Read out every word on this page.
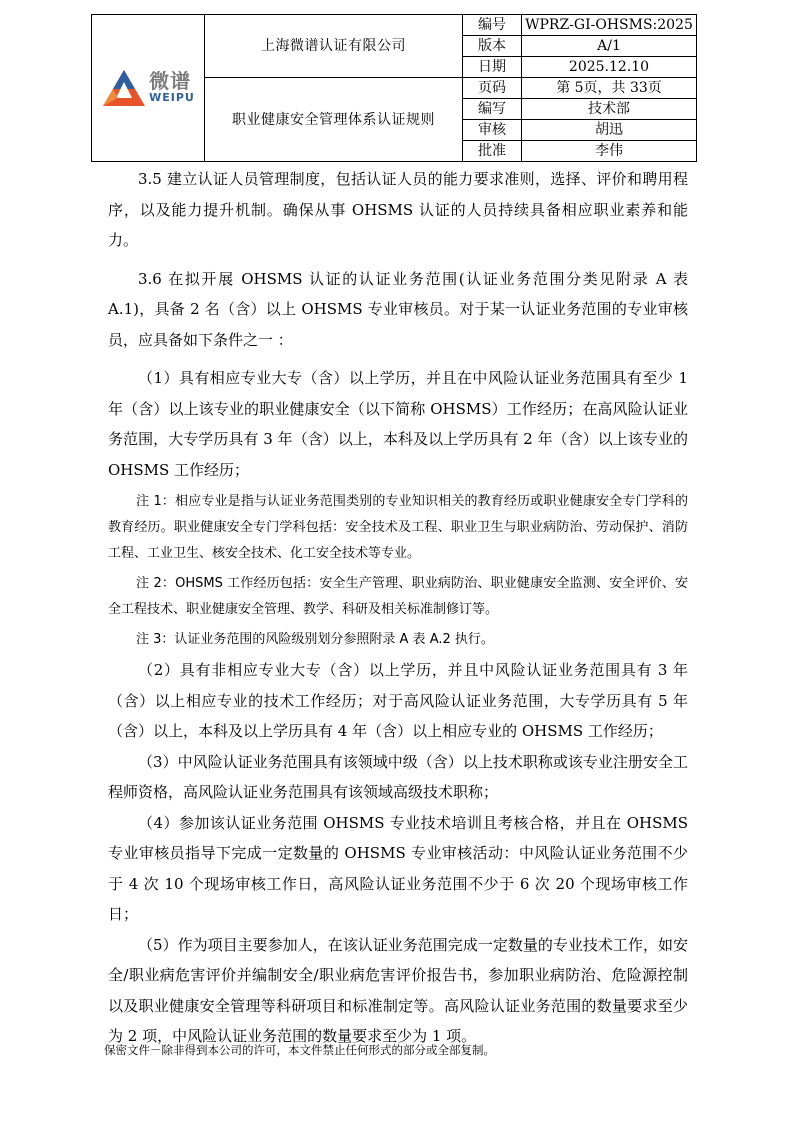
微谱
WEIPU	上海微谱认证有限公司	编号	WPRZ-GI-OHSMS:2025
		版本	A/1
		日期	2025.12.10
	职业健康安全管理体系认证规则	页码	第 5页，共 33页
		编写	技术部
		审核	胡迅
		批准	李伟

3.5 建立认证人员管理制度，包括认证人员的能力要求准则，选择、评价和聘用程序，以及能力提升机制。确保从事 OHSMS 认证的人员持续具备相应职业素养和能力。

3.6 在拟开展 OHSMS 认证的认证业务范围(认证业务范围分类见附录 A 表 A.1)，具备 2 名（含）以上 OHSMS 专业审核员。对于某一认证业务范围的专业审核员，应具备如下条件之一 ：

（1）具有相应专业大专（含）以上学历，并且在中风险认证业务范围具有至少 1 年（含）以上该专业的职业健康安全（以下简称 OHSMS）工作经历；在高风险认证业务范围，大专学历具有 3 年（含）以上，本科及以上学历具有 2 年（含）以上该专业的 OHSMS 工作经历；

注 1：相应专业是指与认证业务范围类别的专业知识相关的教育经历或职业健康安全专门学科的教育经历。职业健康安全专门学科包括：安全技术及工程、职业卫生与职业病防治、劳动保护、消防工程、工业卫生、核安全技术、化工安全技术等专业。

注 2：OHSMS 工作经历包括：安全生产管理、职业病防治、职业健康安全监测、安全评价、安全工程技术、职业健康安全管理、教学、科研及相关标准制修订等。

注 3：认证业务范围的风险级别划分参照附录 A 表 A.2 执行。

（2）具有非相应专业大专（含）以上学历，并且中风险认证业务范围具有 3 年（含）以上相应专业的技术工作经历；对于高风险认证业务范围，大专学历具有 5 年（含）以上，本科及以上学历具有 4 年（含）以上相应专业的 OHSMS 工作经历；

（3）中风险认证业务范围具有该领域中级（含）以上技术职称或该专业注册安全工程师资格，高风险认证业务范围具有该领域高级技术职称；

（4）参加该认证业务范围 OHSMS 专业技术培训且考核合格，并且在 OHSMS 专业审核员指导下完成一定数量的 OHSMS 专业审核活动：中风险认证业务范围不少于 4 次 10 个现场审核工作日，高风险认证业务范围不少于 6 次 20 个现场审核工作日；

（5）作为项目主要参加人，在该认证业务范围完成一定数量的专业技术工作，如安全/职业病危害评价并编制安全/职业病危害评价报告书，参加职业病防治、危险源控制以及职业健康安全管理等科研项目和标准制定等。高风险认证业务范围的数量要求至少为 2 项，中风险认证业务范围的数量要求至少为 1 项。

保密文件－除非得到本公司的许可，本文件禁止任何形式的部分或全部复制。
